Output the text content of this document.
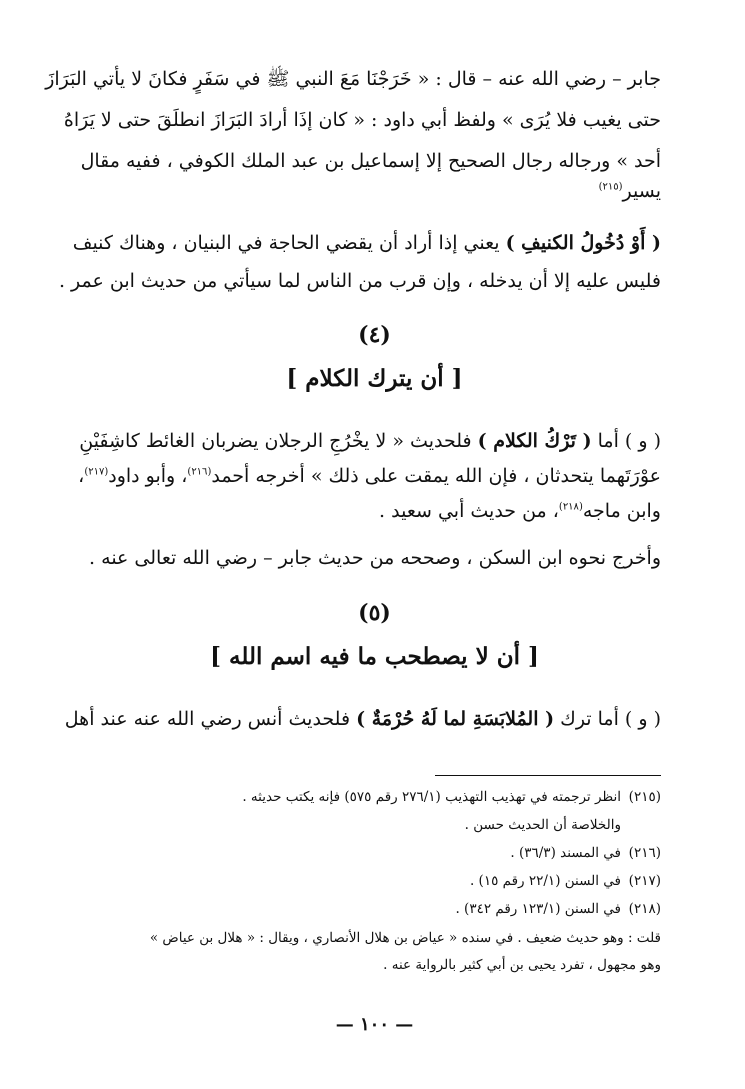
جابر – رضي الله عنه – قال : « خَرَجْنَا مَعَ النبي ﷺ في سَفَرٍ فكانَ لا يأتي البَرَازَ
حتى يغيب فلا يُرَى » ولفظ أبي داود : « كان إذَا أرادَ البَرَازَ انطلَقَ حتى لا يَرَاهُ
أحد » ورجاله رجال الصحيح إلا إسماعيل بن عبد الملك الكوفي ، ففيه مقال
يسير$^{(٢١٥)}$
( أَوْ دُخُولُ الكنيفِ ) يعني إذا أراد أن يقضي الحاجة في البنيان ، وهناك كنيف
فليس عليه إلا أن يدخله ، وإن قرب من الناس لما سيأتي من حديث ابن عمر .
(٤)
[ أن يترك الكلام ]
( و ) أما ( تَرْكُ الكلام ) فلحديث « لا يخْرُجِ الرجلان يضربان الغائط كاشِفَيْنِ
عوْرَتَهما يتحدثان ، فإن الله يمقت على ذلك » أخرجه أحمد$^{(٢١٦)}$، وأبو داود$^{(٢١٧)}$،
وابن ماجه$^{(٢١٨)}$، من حديث أبي سعيد .
وأخرج نحوه ابن السكن ، وصححه من حديث جابر – رضي الله تعالى عنه .
(٥)
[ أن لا يصطحب ما فيه اسم الله ]
( و ) أما ترك ( المُلابَسَةِ لما لَهُ حُرْمَةٌ ) فلحديث أنس رضي الله عنه عند أهل
(٢١٥)انظر ترجمته في تهذيب التهذيب (٢٧٦/١ رقم ٥٧٥) فإنه يكتب حديثه .
والخلاصة أن الحديث حسن .
(٢١٦)في المسند (٣٦/٣) .
(٢١٧)في السنن (٢٢/١ رقم ١٥) .
(٢١٨)في السنن (١٢٣/١ رقم ٣٤٢) .
قلت : وهو حديث ضعيف . في سنده « عياض بن هلال الأنصاري ، ويقال : « هلال بن عياض »
وهو مجهول ، تفرد يحيى بن أبي كثير بالرواية عنه .
— ١٠٠ —
